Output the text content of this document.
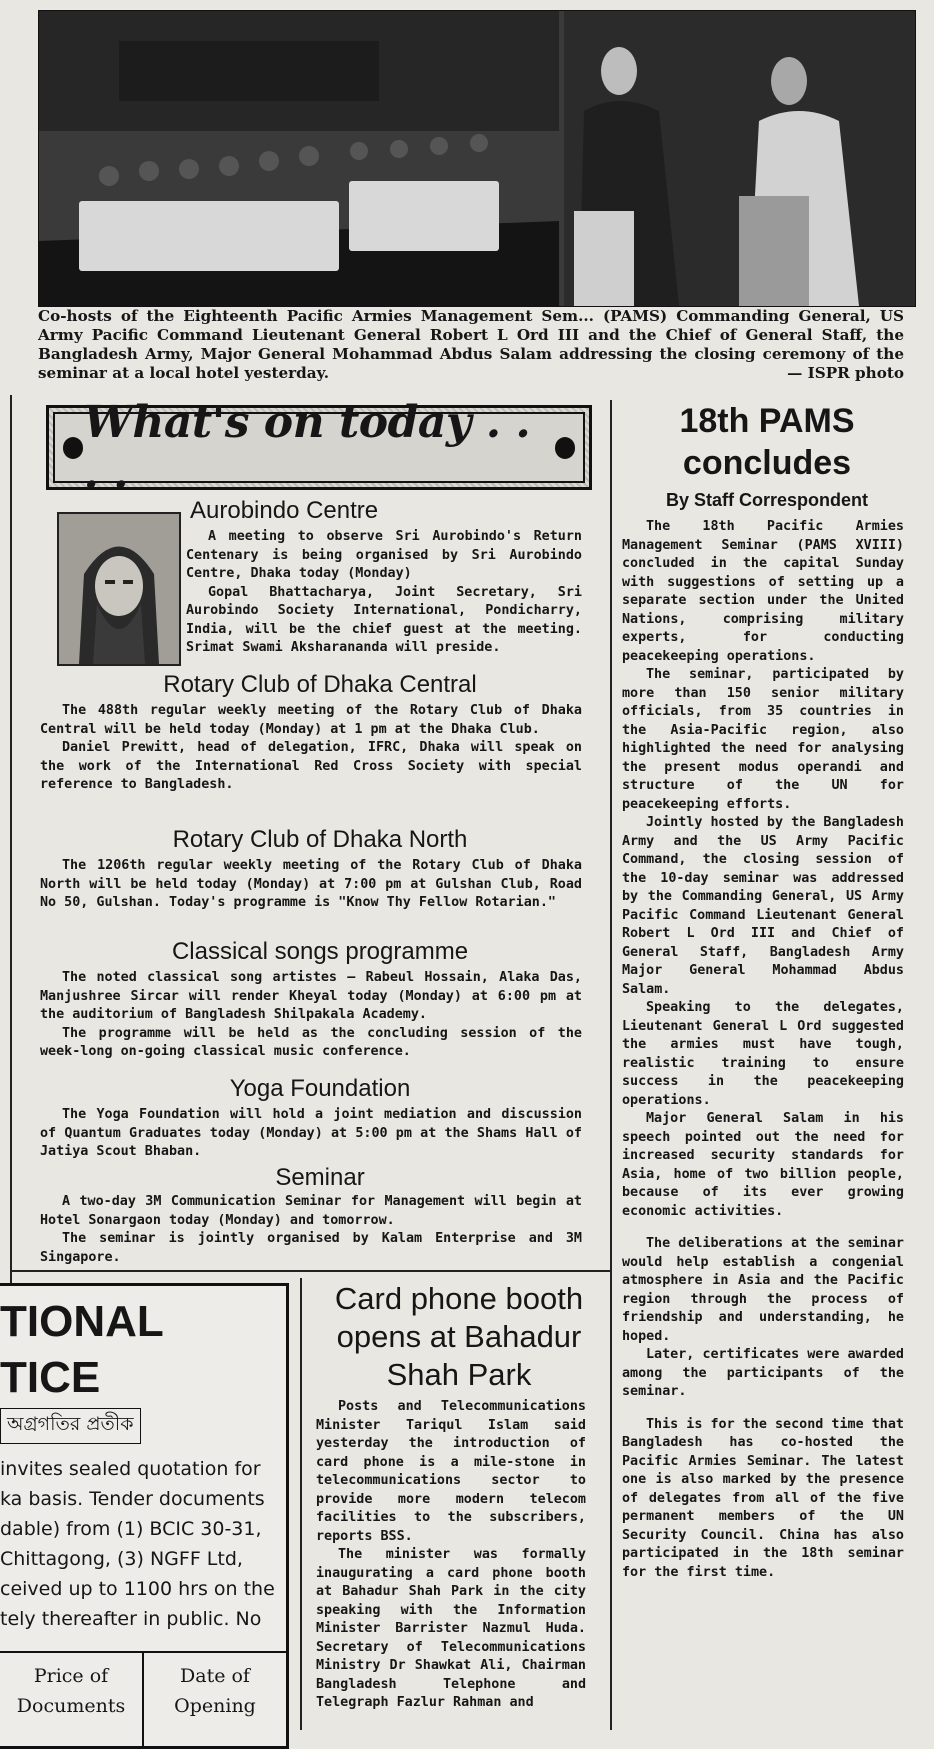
Co-hosts of the Eighteenth Pacific Armies Management Sem... (PAMS) Commanding General, US Army Pacific Command Lieutenant General Robert L Ord III and the Chief of General Staff, the Bangladesh Army, Major General Mohammad Abdus Salam addressing the closing ceremony of the seminar at a local hotel yesterday.	— ISPR photo
What's on today . . . .
Aurobindo Centre

A meeting to observe Sri Aurobindo's Return Centenary is being organised by Sri Aurobindo Centre, Dhaka today (Monday)

Gopal Bhattacharya, Joint Secretary, Sri Aurobindo Society International, Pondicharry, India, will be the chief guest at the meeting. Srimat Swami Aksharananda will preside.

Rotary Club of Dhaka Central

The 488th regular weekly meeting of the Rotary Club of Dhaka Central will be held today (Monday) at 1 pm at the Dhaka Club.

Daniel Prewitt, head of delegation, IFRC, Dhaka will speak on the work of the International Red Cross Society with special reference to Bangladesh.

Rotary Club of Dhaka North

The 1206th regular weekly meeting of the Rotary Club of Dhaka North will be held today (Monday) at 7:00 pm at Gulshan Club, Road No 50, Gulshan. Today's programme is "Know Thy Fellow Rotarian."

Classical songs programme

The noted classical song artistes — Rabeul Hossain, Alaka Das, Manjushree Sircar will render Kheyal today (Monday) at 6:00 pm at the auditorium of Bangladesh Shilpakala Academy.

The programme will be held as the concluding session of the week-long on-going classical music conference.

Yoga Foundation

The Yoga Foundation will hold a joint mediation and discussion of Quantum Graduates today (Monday) at 5:00 pm at the Shams Hall of Jatiya Scout Bhaban.

Seminar

A two-day 3M Communication Seminar for Management will begin at Hotel Sonargaon today (Monday) and tomorrow.

The seminar is jointly organised by Kalam Enterprise and 3M Singapore.

18th PAMS
concludes
By Staff Correspondent

The 18th Pacific Armies Management Seminar (PAMS XVIII) concluded in the capital Sunday with suggestions of setting up a separate section under the United Nations, comprising military experts, for conducting peacekeeping operations.

The seminar, participated by more than 150 senior military officials, from 35 countries in the Asia-Pacific region, also highlighted the need for analysing the present modus operandi and structure of the UN for peacekeeping efforts.

Jointly hosted by the Bangladesh Army and the US Army Pacific Command, the closing session of the 10-day seminar was addressed by the Commanding General, US Army Pacific Command Lieutenant General Robert L Ord III and Chief of General Staff, Bangladesh Army Major General Mohammad Abdus Salam.

Speaking to the delegates, Lieutenant General L Ord suggested the armies must have tough, realistic training to ensure success in the peacekeeping operations.

Major General Salam in his speech pointed out the need for increased security standards for Asia, home of two billion people, because of its ever growing economic activities.

The deliberations at the seminar would help establish a congenial atmosphere in Asia and the Pacific region through the process of friendship and understanding, he hoped.

Later, certificates were awarded among the participants of the seminar.

This is for the second time that Bangladesh has co-hosted the Pacific Armies Seminar. The latest one is also marked by the presence of delegates from all of the five permanent members of the UN Security Council. China has also participated in the 18th seminar for the first time.

TIONAL
TICE
অগ্রগতির প্রতীক
invites sealed quotation for
ka basis. Tender documents
dable) from (1) BCIC 30-31,
Chittagong, (3) NGFF Ltd,
ceived up to 1100 hrs on the
tely thereafter in public. No
Price of Documents
Date of Opening
Card phone booth opens at Bahadur Shah Park

Posts and Telecommunications Minister Tariqul Islam said yesterday the introduction of card phone is a mile-stone in telecommunications sector to provide more modern telecom facilities to the subscribers, reports BSS.

The minister was formally inaugurating a card phone booth at Bahadur Shah Park in the city speaking with the Information Minister Barrister Nazmul Huda. Secretary of Telecommunications Ministry Dr Shawkat Ali, Chairman Bangladesh Telephone and Telegraph Fazlur Rahman and
